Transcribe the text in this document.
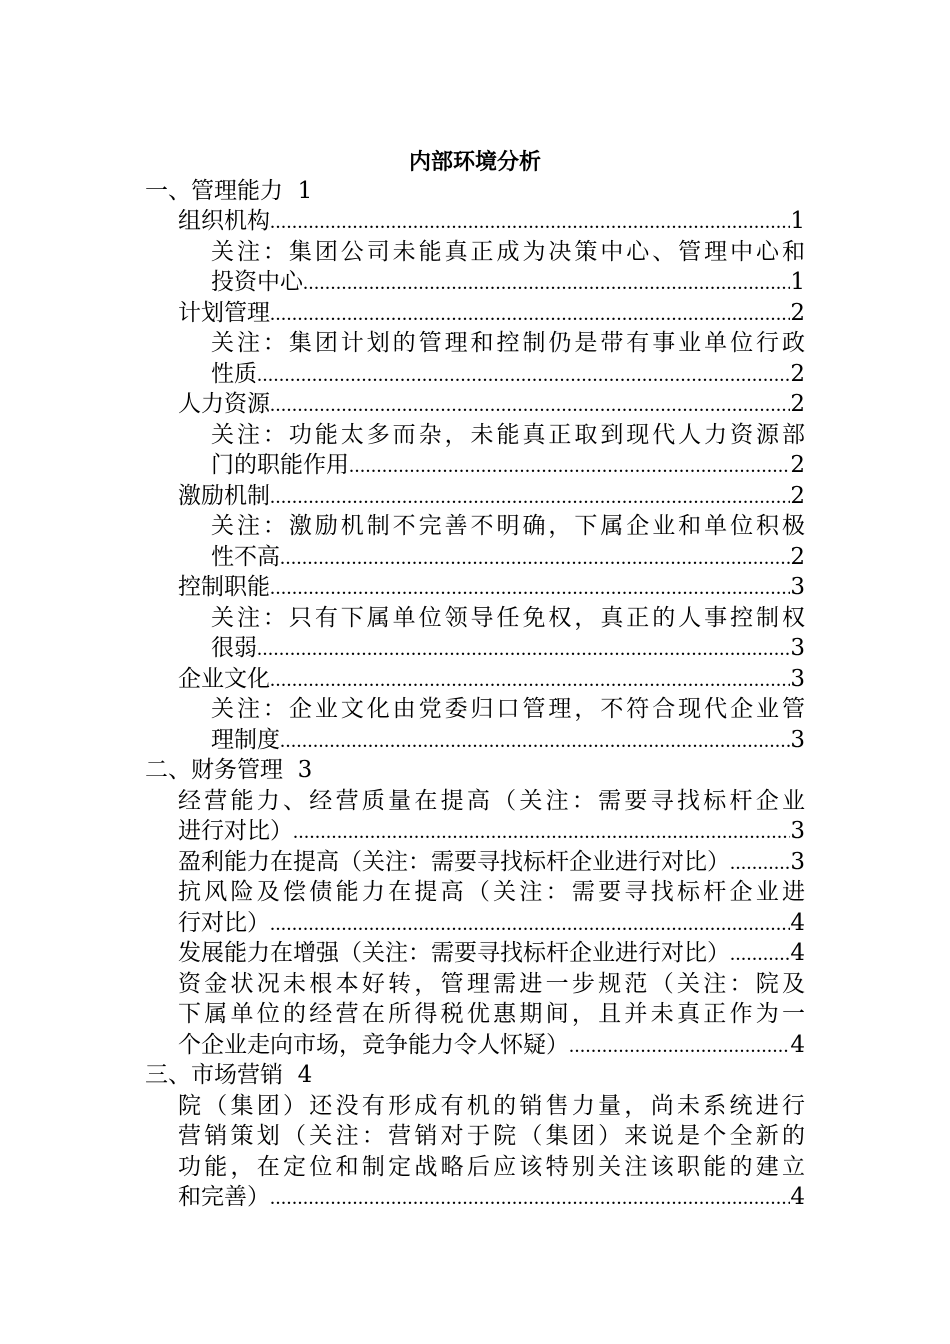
内部环境分析
一、管理能力 1
组织机构 .....	1
关注：集团公司未能真正成为决策中心、管理中心和
投资中心 .....	1
计划管理 .....	2
关注：集团计划的管理和控制仍是带有事业单位行政
性质 .....	2
人力资源 .....	2
关注：功能太多而杂，未能真正取到现代人力资源部
门的职能作用 .....	2
激励机制 .....	2
关注：激励机制不完善不明确，下属企业和单位积极
性不高 .....	2
控制职能 .....	3
关注：只有下属单位领导任免权，真正的人事控制权
很弱 .....	3
企业文化 .....	3
关注：企业文化由党委归口管理，不符合现代企业管
理制度 .....	3
二、财务管理 3
经营能力、经营质量在提高（关注：需要寻找标杆企业
进行对比） .....	3
盈利能力在提高（关注：需要寻找标杆企业进行对比） .....	3
抗风险及偿债能力在提高（关注：需要寻找标杆企业进
行对比） .....	4
发展能力在增强（关注：需要寻找标杆企业进行对比） .....	4
资金状况未根本好转，管理需进一步规范（关注：院及
下属单位的经营在所得税优惠期间，且并未真正作为一
个企业走向市场，竞争能力令人怀疑） .....	4
三、市场营销 4
院（集团）还没有形成有机的销售力量，尚未系统进行
营销策划（关注：营销对于院（集团）来说是个全新的
功能，在定位和制定战略后应该特别关注该职能的建立
和完善） .....	4
